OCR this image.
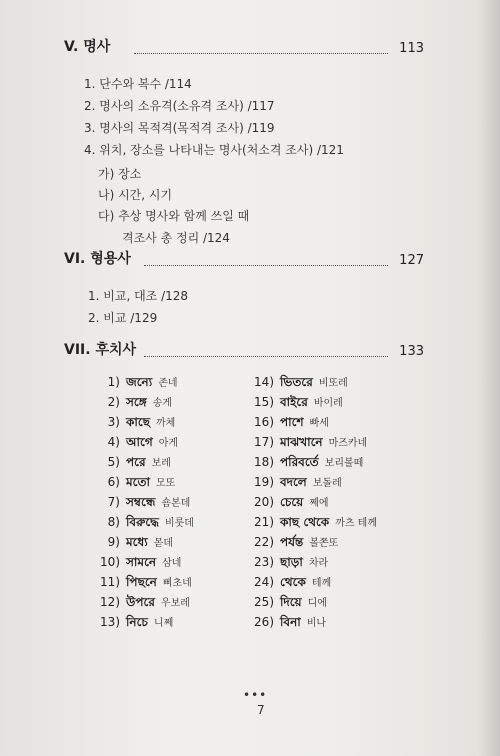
V. 명사	113
1. 단수와 복수 /114
2. 명사의 소유격(소유격 조사) /117
3. 명사의 목적격(목적격 조사) /119
4. 위치, 장소를 나타내는 명사(처소격 조사) /121
가) 장소
나) 시간, 시기
다) 추상 명사와 함께 쓰일 때
격조사 총 정리 /124
VI. 형용사	127
1. 비교, 대조 /128
2. 비교 /129
VII. 후치사	133
1) জন্যে 존네
2) সঙ্গে 송게
3) কাছে 까체
4) আগে 아게
5) পরে 보레
6) মতো 모또
7) সম্বন্ধে 숌본데
8) বিরুদ্ধে 비룻데
9) মধ্যে 몯데
10) সামনে 삼네
11) পিছনে 삐초네
12) উপরে 우보레
13) নিচে 니쩨
14) ভিতরে 비또레
15) বাইরে 바이레
16) পাশে 빠세
17) মাঝখানে 마즈카네
18) পরিবর্তে 보리볼떼
19) বদলে 보돌레
20) চেয়ে 쩨에
21) কাছ থেকে 까츠 테께
22) পর্যন্ত 볼쫀또
23) ছাড়া 차라
24) থেকে 테께
25) দিয়ে 디에
26) বিনা 비나
•••
7
